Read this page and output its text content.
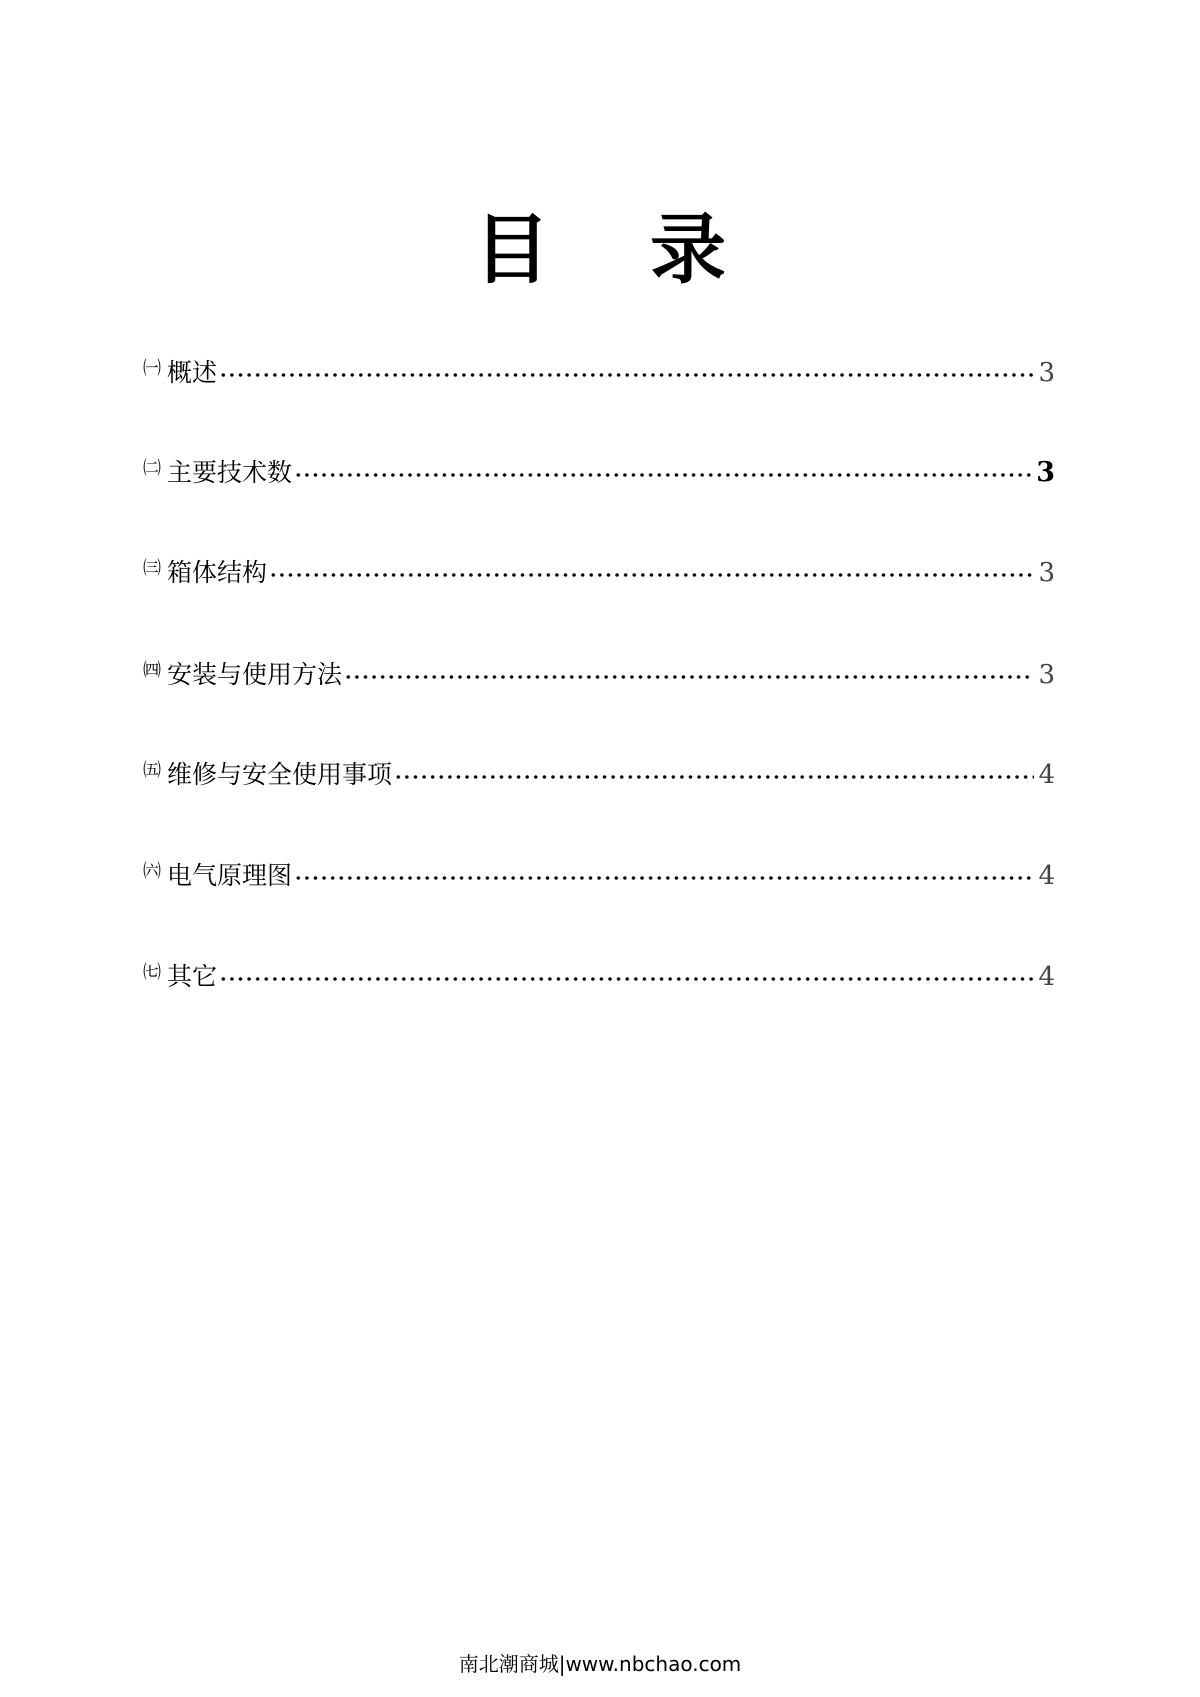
目 录
㈠ 概述	3
㈡ 主要技术数	3
㈢ 箱体结构	3
㈣ 安装与使用方法	3
㈤ 维修与安全使用事项	4
㈥ 电气原理图	4
㈦ 其它	4
南北潮商城|www.nbchao.com
